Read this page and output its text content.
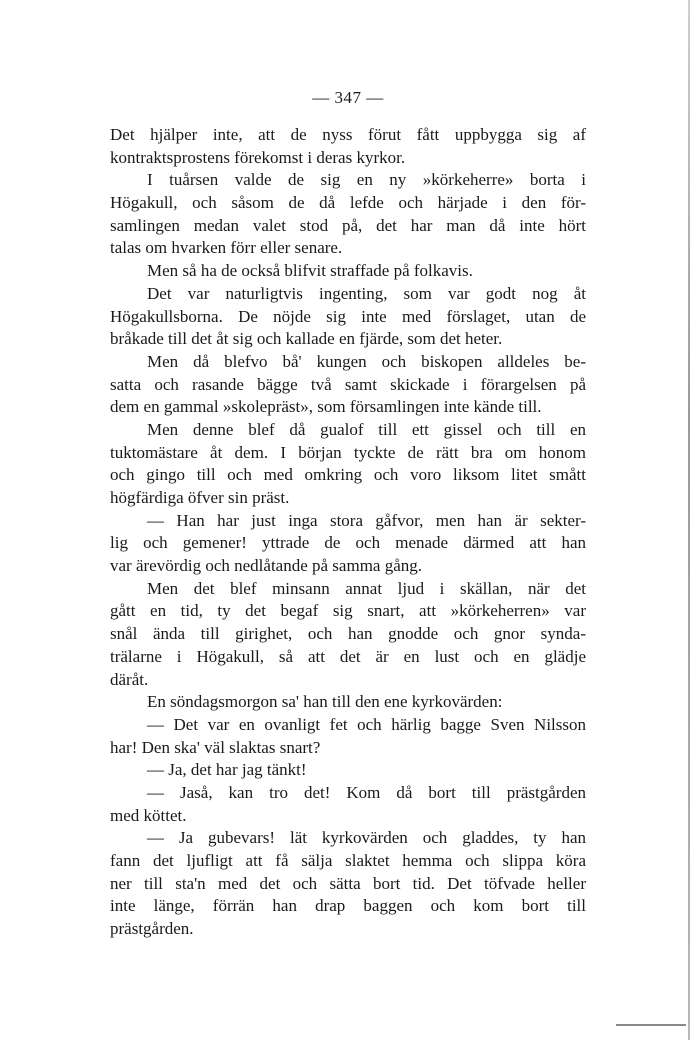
— 347 —
Det hjälper inte, att de nyss förut fått uppbygga sig af
kontraktsprostens förekomst i deras kyrkor.
I tuårsen valde de sig en ny »körkeherre» borta i
Högakull, och såsom de då lefde och härjade i den för-
samlingen medan valet stod på, det har man då inte hört
talas om hvarken förr eller senare.
Men så ha de också blifvit straffade på folkavis.
Det var naturligtvis ingenting, som var godt nog åt
Högakullsborna. De nöjde sig inte med förslaget, utan de
bråkade till det åt sig och kallade en fjärde, som det heter.
Men då blefvo bå' kungen och biskopen alldeles be-
satta och rasande bägge två samt skickade i förargelsen på
dem en gammal »skolepräst», som församlingen inte kände till.
Men denne blef då gualof till ett gissel och till en
tuktomästare åt dem. I början tyckte de rätt bra om honom
och gingo till och med omkring och voro liksom litet smått
högfärdiga öfver sin präst.
— Han har just inga stora gåfvor, men han är sekter-
lig och gemener! yttrade de och menade därmed att han
var ärevördig och nedlåtande på samma gång.
Men det blef minsann annat ljud i skällan, när det
gått en tid, ty det begaf sig snart, att »körkeherren» var
snål ända till girighet, och han gnodde och gnor synda-
trälarne i Högakull, så att det är en lust och en glädje
däråt.
En söndagsmorgon sa' han till den ene kyrkovärden:
— Det var en ovanligt fet och härlig bagge Sven Nilsson
har! Den ska' väl slaktas snart?
— Ja, det har jag tänkt!
— Jaså, kan tro det! Kom då bort till prästgården
med köttet.
— Ja gubevars! lät kyrkovärden och gladdes, ty han
fann det ljufligt att få sälja slaktet hemma och slippa köra
ner till sta'n med det och sätta bort tid. Det töfvade heller
inte länge, förrän han drap baggen och kom bort till
prästgården.
